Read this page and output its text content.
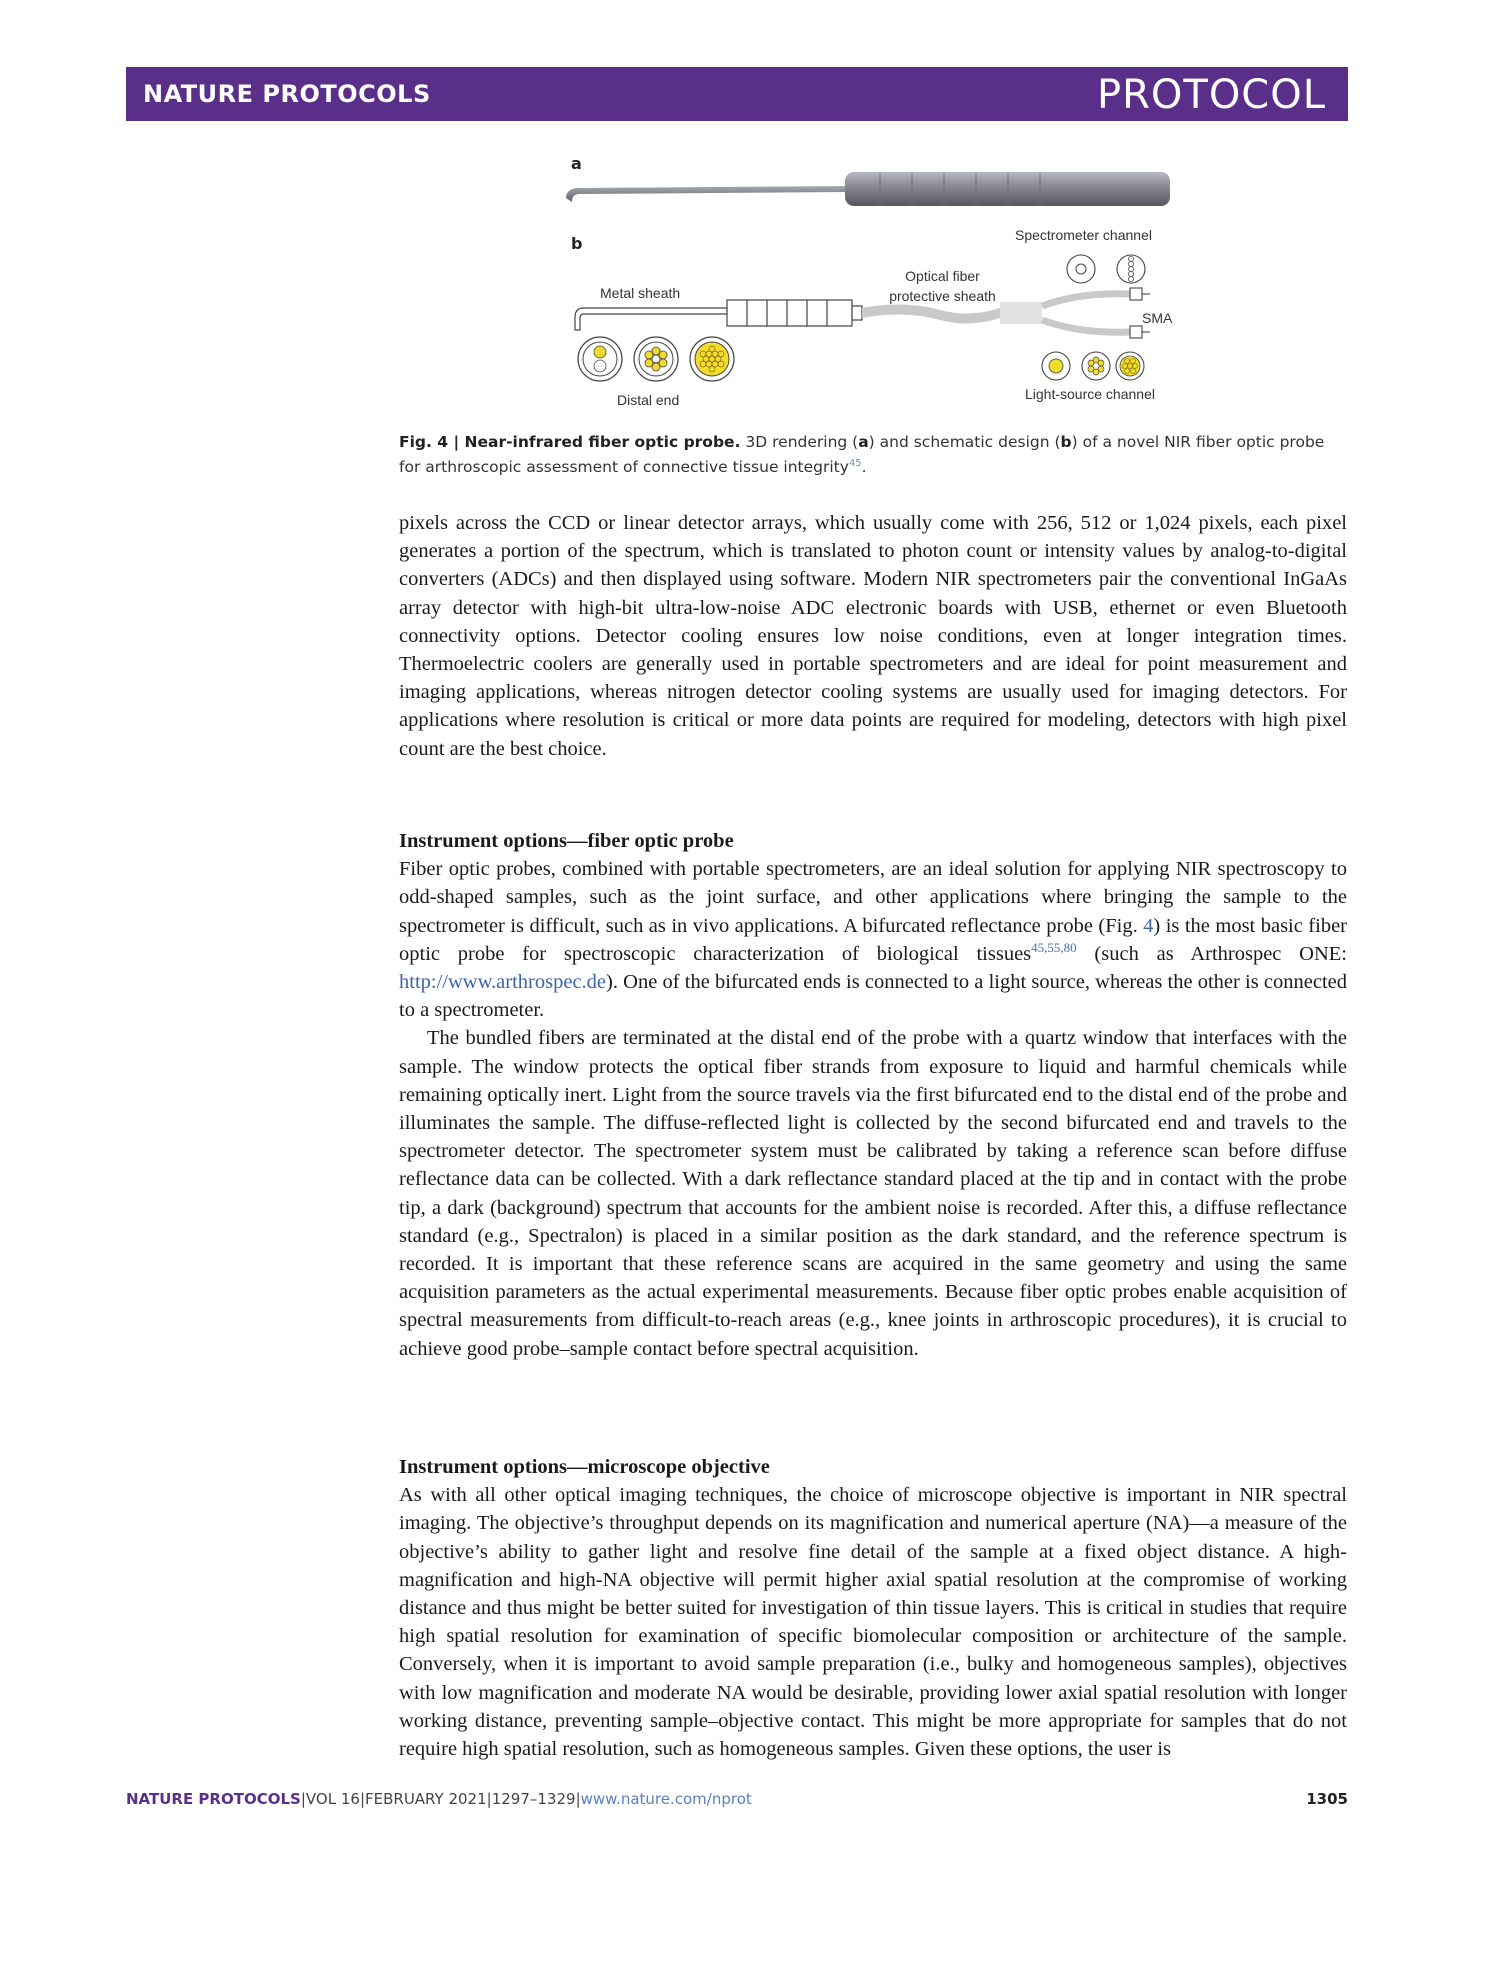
NATURE PROTOCOLS	PROTOCOL
a
b	Spectrometer channel
Optical fiber
protective sheath
Metal sheath
SMA
Distal end	Light-source channel
Fig. 4 | Near-infrared fiber optic probe. 3D rendering (a) and schematic design (b) of a novel NIR fiber optic probe for arthroscopic assessment of connective tissue integrity$^{45}$.

pixels across the CCD or linear detector arrays, which usually come with 256, 512 or 1,024 pixels, each pixel generates a portion of the spectrum, which is translated to photon count or intensity values by analog-to-digital converters (ADCs) and then displayed using software. Modern NIR spectrometers pair the conventional InGaAs array detector with high-bit ultra-low-noise ADC electronic boards with USB, ethernet or even Bluetooth connectivity options. Detector cooling ensures low noise conditions, even at longer integration times. Thermoelectric coolers are generally used in portable spectrometers and are ideal for point measurement and imaging applications, whereas nitrogen detector cooling systems are usually used for imaging detectors. For applications where resolution is critical or more data points are required for modeling, detectors with high pixel count are the best choice.

Instrument options—fiber optic probe

Fiber optic probes, combined with portable spectrometers, are an ideal solution for applying NIR spectroscopy to odd-shaped samples, such as the joint surface, and other applications where bringing the sample to the spectrometer is difficult, such as in vivo applications. A bifurcated reflectance probe (Fig. 4) is the most basic fiber optic probe for spectroscopic characterization of biological tissues$^{45,55,80}$ (such as Arthrospec ONE: http://www.arthrospec.de). One of the bifurcated ends is connected to a light source, whereas the other is connected to a spectrometer.

The bundled fibers are terminated at the distal end of the probe with a quartz window that interfaces with the sample. The window protects the optical fiber strands from exposure to liquid and harmful chemicals while remaining optically inert. Light from the source travels via the first bifurcated end to the distal end of the probe and illuminates the sample. The diffuse-reflected light is collected by the second bifurcated end and travels to the spectrometer detector. The spectrometer system must be calibrated by taking a reference scan before diffuse reflectance data can be collected. With a dark reflectance standard placed at the tip and in contact with the probe tip, a dark (background) spectrum that accounts for the ambient noise is recorded. After this, a diffuse reflectance standard (e.g., Spectralon) is placed in a similar position as the dark standard, and the reference spectrum is recorded. It is important that these reference scans are acquired in the same geometry and using the same acquisition parameters as the actual experimental measurements. Because fiber optic probes enable acquisition of spectral measurements from difficult-to-reach areas (e.g., knee joints in arthroscopic procedures), it is crucial to achieve good probe–sample contact before spectral acquisition.

Instrument options—microscope objective

As with all other optical imaging techniques, the choice of microscope objective is important in NIR spectral imaging. The objective’s throughput depends on its magnification and numerical aperture (NA)—a measure of the objective’s ability to gather light and resolve fine detail of the sample at a fixed object distance. A high-magnification and high-NA objective will permit higher axial spatial resolution at the compromise of working distance and thus might be better suited for investigation of thin tissue layers. This is critical in studies that require high spatial resolution for examination of specific biomolecular composition or architecture of the sample. Conversely, when it is important to avoid sample preparation (i.e., bulky and homogeneous samples), objectives with low magnification and moderate NA would be desirable, providing lower axial spatial resolution with longer working distance, preventing sample–objective contact. This might be more appropriate for samples that do not require high spatial resolution, such as homogeneous samples. Given these options, the user is

NATURE PROTOCOLS|VOL 16|FEBRUARY 2021|1297–1329|www.nature.com/nprot	1305
